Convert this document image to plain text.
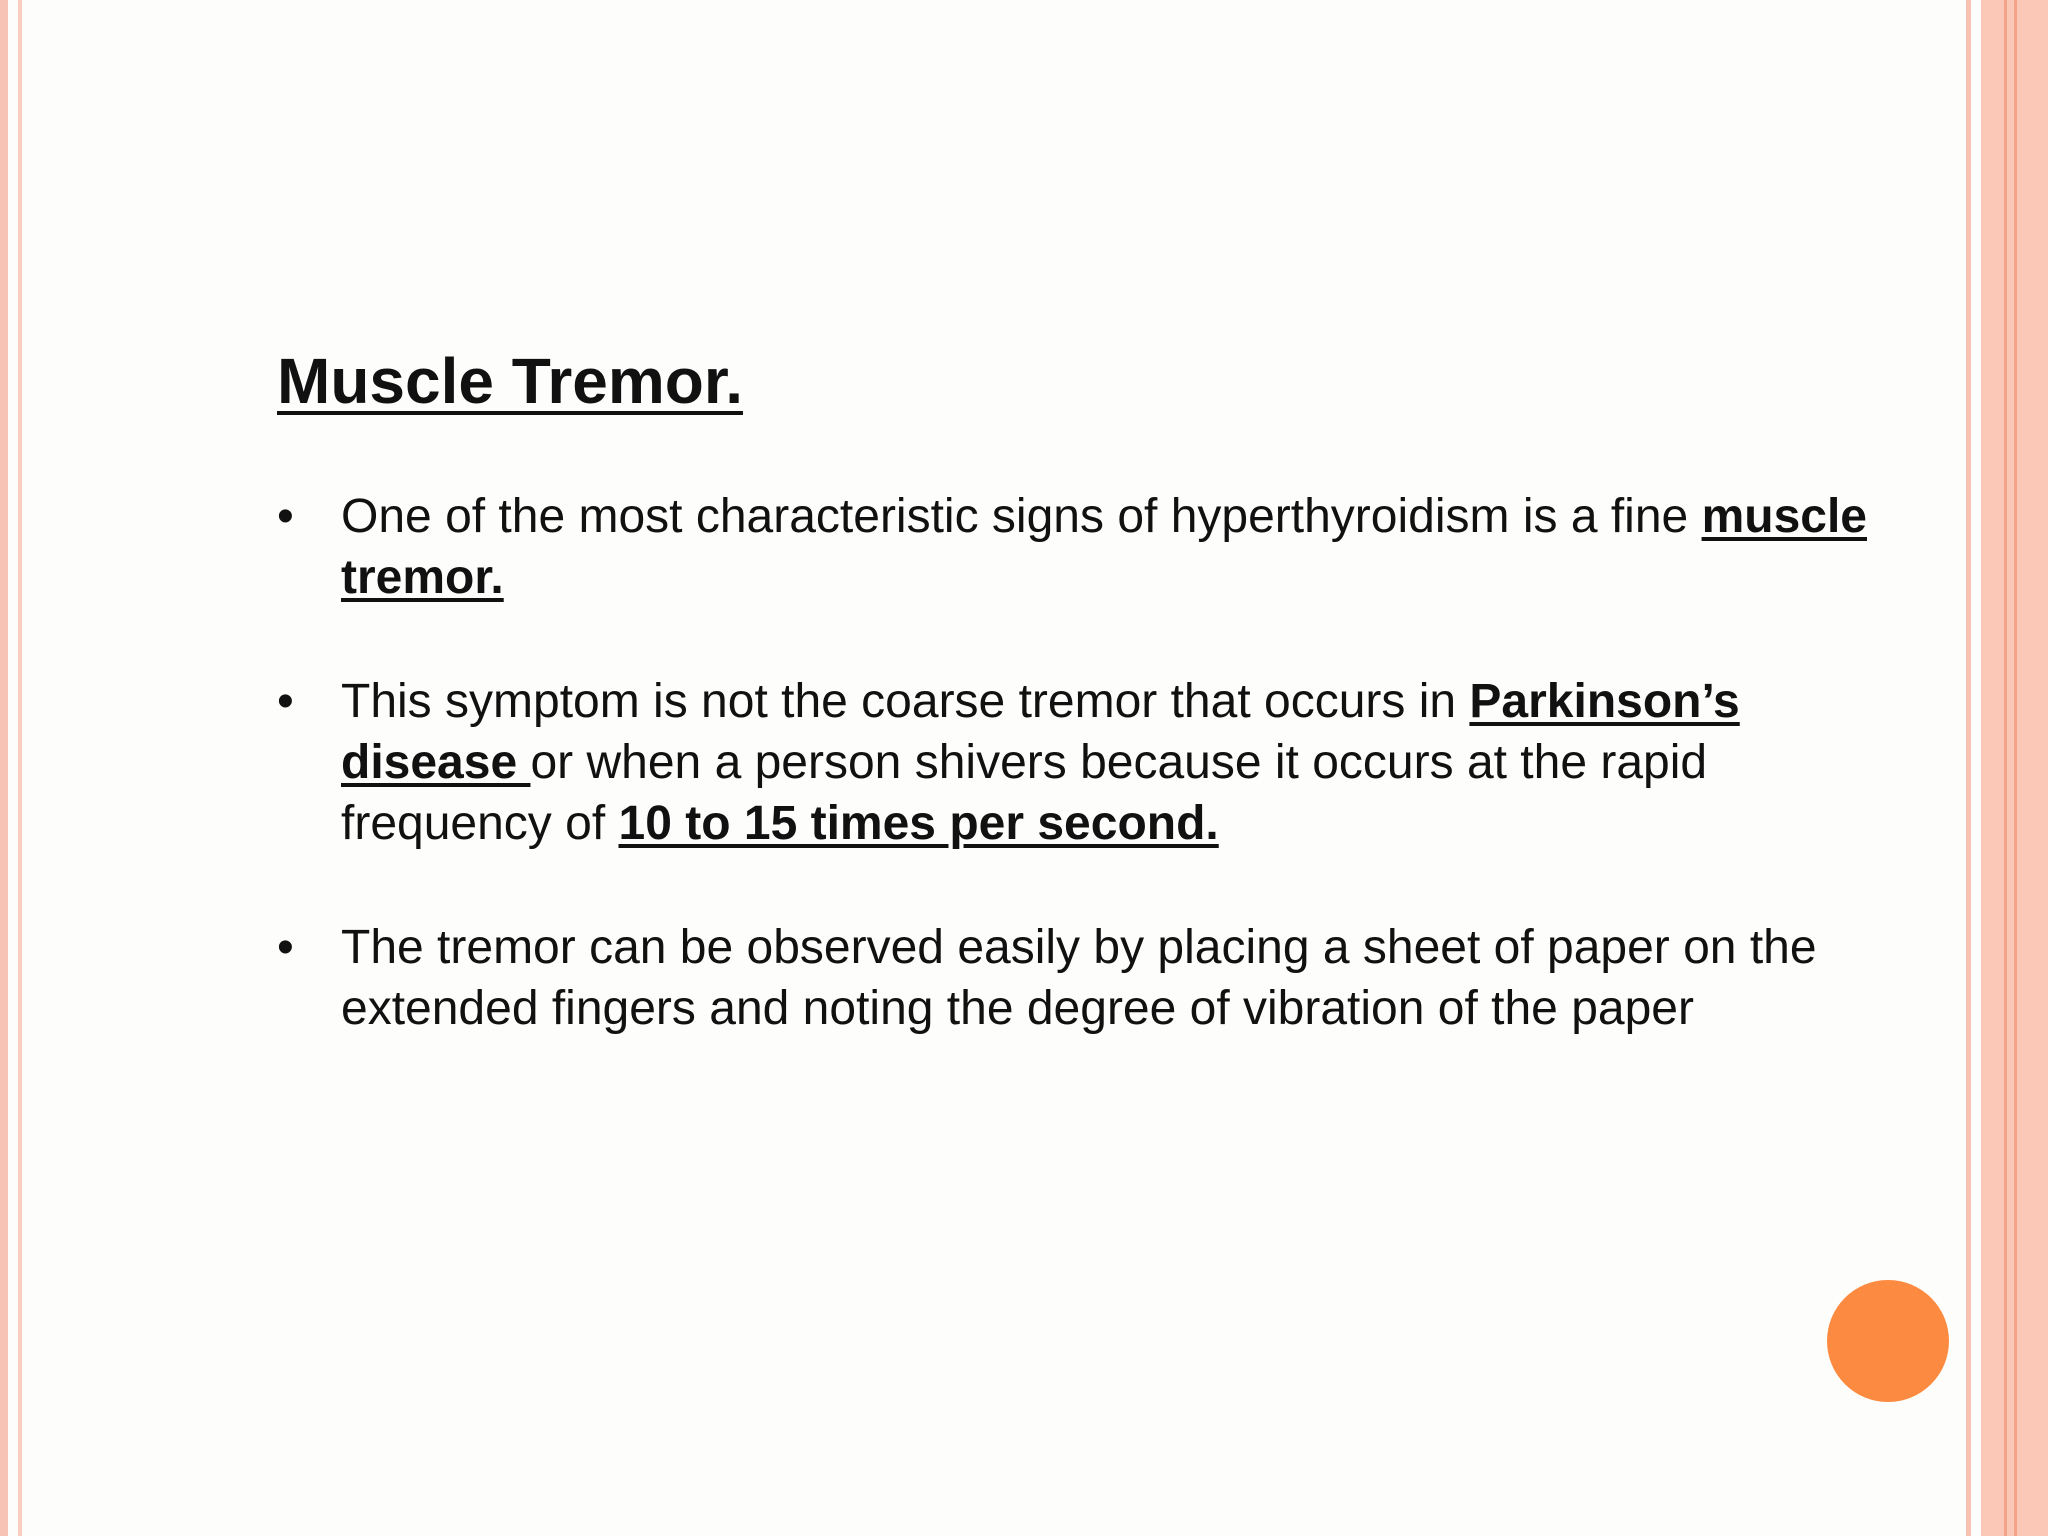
Muscle Tremor.
• One of the most characteristic signs of hyperthyroidism is a fine muscle tremor.
• This symptom is not the coarse tremor that occurs in Parkinson’s disease or when a person shivers because it occurs at the rapid frequency of 10 to 15 times per second.
• The tremor can be observed easily by placing a sheet of paper on the extended fingers and noting the degree of vibration of the paper
